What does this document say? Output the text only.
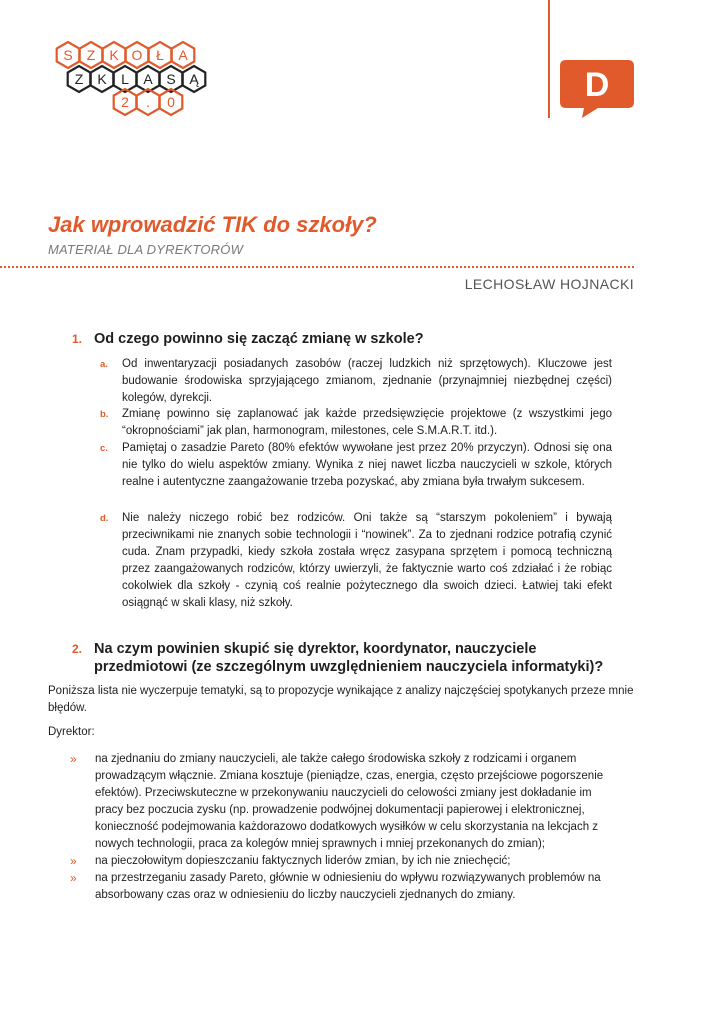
S Z K O Ł A
Z K L A S Ą
2 . 0	D
Jak wprowadzić TIK do szkoły?
MATERIAŁ DLA DYREKTORÓW
LECHOSŁAW HOJNACKI
1. Od czego powinno się zacząć zmianę w szkole?
a. Od inwentaryzacji posiadanych zasobów (raczej ludzkich niż sprzętowych). Kluczowe jest budowanie środowiska sprzyjającego zmianom, zjednanie (przynajmniej niezbędnej części) kolegów, dyrekcji.
b. Zmianę powinno się zaplanować jak każde przedsięwzięcie projektowe (z wszystkimi jego “okropnościami” jak plan, harmonogram, milestones, cele S.M.A.R.T. itd.).
c. Pamiętaj o zasadzie Pareto (80% efektów wywołane jest przez 20% przyczyn). Odnosi się ona nie tylko do wielu aspektów zmiany. Wynika z niej nawet liczba nauczycieli w szkole, których realne i autentyczne zaangażowanie trzeba pozyskać, aby zmiana była trwałym sukcesem.
d. Nie należy niczego robić bez rodziców. Oni także są “starszym pokoleniem” i bywają przeciwnikami nie znanych sobie technologii i “nowinek”. Za to zjednani rodzice potrafią czynić cuda. Znam przypadki, kiedy szkoła została wręcz zasypana sprzętem i pomocą techniczną przez zaangażowanych rodziców, którzy uwierzyli, że faktycznie warto coś zdziałać i że robiąc cokolwiek dla szkoły - czynią coś realnie pożytecznego dla swoich dzieci. Łatwiej taki efekt osiągnąć w skali klasy, niż szkoły.
2. Na czym powinien skupić się dyrektor, koordynator, nauczyciele przedmiotowi (ze szczególnym uwzględnieniem nauczyciela informatyki)?
Poniższa lista nie wyczerpuje tematyki, są to propozycje wynikające z analizy najczęściej spotykanych przeze mnie błędów.
Dyrektor:
» na zjednaniu do zmiany nauczycieli, ale także całego środowiska szkoły z rodzicami i organem prowadzącym włącznie. Zmiana kosztuje (pieniądze, czas, energia, często przejściowe pogorszenie efektów). Przeciwskuteczne w przekonywaniu nauczycieli do celowości zmiany jest dokładanie im pracy bez poczucia zysku (np. prowadzenie podwójnej dokumentacji papierowej i elektronicznej, konieczność podejmowania każdorazowo dodatkowych wysiłków w celu skorzystania na lekcjach z nowych technologii, praca za kolegów mniej sprawnych i mniej przekonanych do zmian);
» na pieczołowitym dopieszczaniu faktycznych liderów zmian, by ich nie zniechęcić;
» na przestrzeganiu zasady Pareto, głównie w odniesieniu do wpływu rozwiązywanych problemów na absorbowany czas oraz w odniesieniu do liczby nauczycieli zjednanych do zmiany.
